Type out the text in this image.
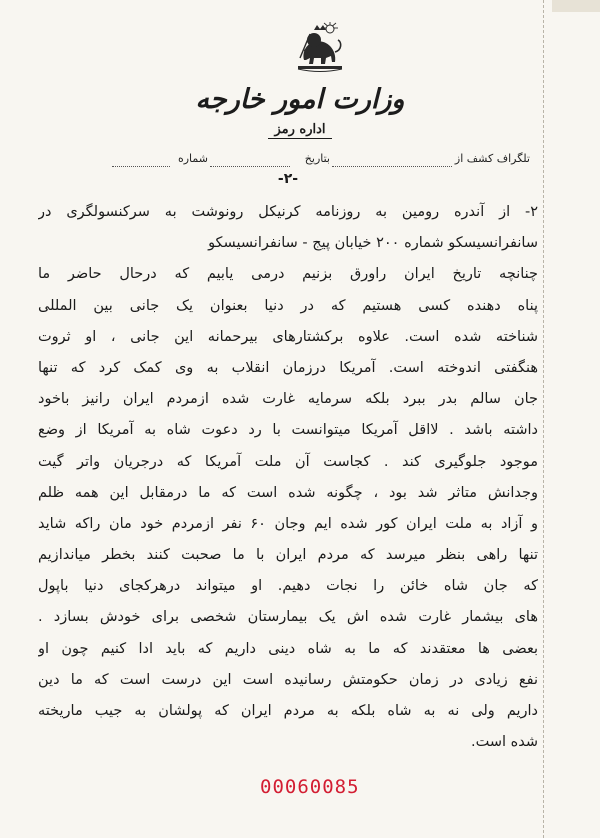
وزارت امور خارجه
اداره رمز
تلگراف کشف از
بتاریخ
شماره
-۲-
۲- از آندره رومین به روزنامه کرنیکل رونوشت به سرکنسولگری در
سانفرانسیسکو شماره ۲۰۰ خیابان پیج - سانفرانسیسکو
چنانچه تاریخ ایران راورق بزنیم درمی یابیم که درحال حاضر ما
پناه دهنده کسی هستیم که در دنیا بعنوان یک جانی بین المللی
شناخته شده است. علاوه برکشتارهای بیرحمانه این جانی ، او ثروت
هنگفتی اندوخته است. آمریکا درزمان انقلاب به وی کمک کرد که تنها
جان سالم بدر ببرد بلکه سرمایه غارت شده ازمردم ایران رانیز باخود
داشته باشد . لااقل آمریکا میتوانست با رد دعوت شاه به آمریکا از وضع
موجود جلوگیری کند . کجاست آن ملت آمریکا که درجریان واتر گیت
وجدانش متاثر شد بود ، چگونه شده است که ما درمقابل این همه ظلم
و آزاد به ملت ایران کور شده ایم وجان ۶۰ نفر ازمردم خود مان راکه شاید
تنها راهی بنظر میرسد که مردم ایران با ما صحبت کنند بخطر میاندازیم
که جان شاه خائن را نجات دهیم. او میتواند درهرکجای دنیا باپول
های بیشمار غارت شده اش یک بیمارستان شخصی برای خودش بسازد .
بعضی ها معتقدند که ما به شاه دینی داریم که باید ادا کنیم چون او
نفع زیادی در زمان حکومتش رسانیده است این درست است که ما دین
داریم ولی نه به شاه بلکه به مردم ایران که پولشان به جیب ماریخته
شده است.
00060085
